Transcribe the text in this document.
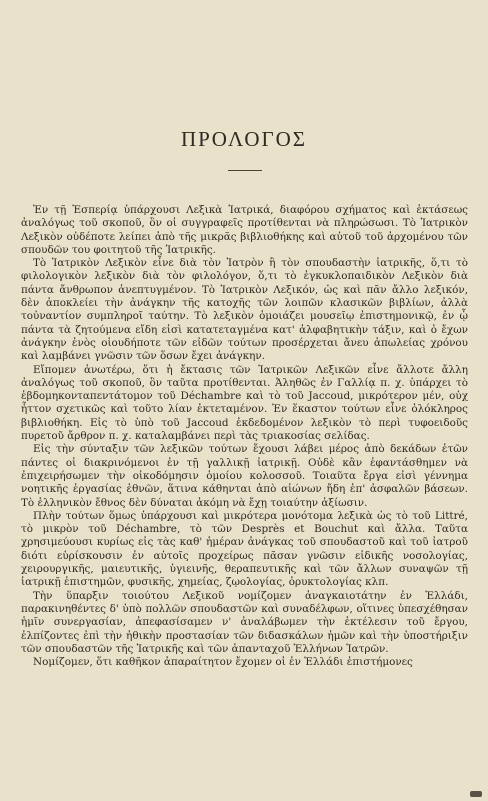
ΠΡΟΛΟΓΟΣ

Ἐν τῇ Ἑσπερίᾳ ὑπάρχουσι Λεξικὰ Ἰατρικά, διαφόρου σχήματος καὶ ἐκτάσεως ἀναλόγως τοῦ σκοποῦ, ὃν οἱ συγγραφεῖς προτίθενται νὰ πληρώσωσι. Τὸ Ἰατρικὸν Λεξικὸν οὐδέποτε λείπει ἀπὸ τῆς μικρᾶς βιβλιοθήκης καὶ αὐτοῦ τοῦ ἀρχομένου τῶν σπουδῶν του φοιτητοῦ τῆς Ἰατρικῆς.

Τὸ Ἰατρικὸν Λεξικὸν εἶνε διὰ τὸν Ἰατρὸν ἢ τὸν σπουδαστὴν ἰατρικῆς, ὅ,τι τὸ φιλολογικὸν λεξικὸν διὰ τὸν φιλολόγον, ὅ,τι τὸ ἐγκυκλοπαιδικὸν Λεξικὸν διὰ πάντα ἄνθρωπον ἀνεπτυγμένον. Τὸ Ἰατρικὸν Λεξικόν, ὡς καὶ πᾶν ἄλλο λεξικόν, δὲν ἀποκλείει τὴν ἀνάγκην τῆς κατοχῆς τῶν λοιπῶν κλασικῶν βιβλίων, ἀλλὰ τοὐναντίον συμπληροῖ ταύτην. Τὸ λεξικὸν ὁμοιάζει μουσεῖῳ ἐπιστημονικῷ, ἐν ᾧ πάντα τὰ ζητούμενα εἴδη εἰσὶ κατατεταγμένα κατ' ἀλφαβητικὴν τάξιν, καὶ ὁ ἔχων ἀνάγκην ἑνὸς οἱουδήποτε τῶν εἰδῶν τούτων προσέρχεται ἄνευ ἀπωλείας χρόνου καὶ λαμβάνει γνῶσιν τῶν ὅσων ἔχει ἀνάγκην.

Εἴπομεν ἀνωτέρω, ὅτι ἡ ἔκτασις τῶν Ἰατρικῶν Λεξικῶν εἶνε ἄλλοτε ἄλλη ἀναλόγως τοῦ σκοποῦ, ὃν ταῦτα προτίθενται. Ἀληθῶς ἐν Γαλλίᾳ π. χ. ὑπάρχει τὸ ἑβδομηκονταπεντάτομον τοῦ Déchambre καὶ τὸ τοῦ Jaccoud, μικρότερον μέν, οὐχ ἧττον σχετικῶς καὶ τοῦτο λίαν ἐκτεταμένον. Ἐν ἕκαστον τούτων εἶνε ὁλόκληρος βιβλιοθήκη. Εἰς τὸ ὑπὸ τοῦ Jaccoud ἐκδεδομένον λεξικὸν τὸ περὶ τυφοειδοῦς πυρετοῦ ἄρθρον π. χ. καταλαμβάνει περὶ τὰς τριακοσίας σελίδας.

Εἰς τὴν σύνταξιν τῶν λεξικῶν τούτων ἔχουσι λάβει μέρος ἀπὸ δεκάδων ἐτῶν πάντες οἱ διακρινόμενοι ἐν τῇ γαλλικῇ ἰατρικῇ. Οὐδὲ κἂν ἐφαντάσθημεν νὰ ἐπιχειρήσωμεν τὴν οἰκοδόμησιν ὁμοίου κολοσσοῦ. Τοιαῦτα ἔργα εἰσὶ γέννημα νοητικῆς ἐργασίας ἐθνῶν, ἅτινα κάθηνται ἀπὸ αἰώνων ἤδη ἐπ' ἀσφαλῶν βάσεων. Τὸ ἑλληνικὸν ἔθνος δὲν δύναται ἀκόμη νὰ ἔχῃ τοιαύτην ἀξίωσιν.

Πλὴν τούτων ὅμως ὑπάρχουσι καὶ μικρότερα μονότομα λεξικὰ ὡς τὸ τοῦ Littré, τὸ μικρὸν τοῦ Déchambre, τὸ τῶν Desprès et Bouchut καὶ ἄλλα. Ταῦτα χρησιμεύουσι κυρίως εἰς τὰς καθ' ἡμέραν ἀνάγκας τοῦ σπουδαστοῦ καὶ τοῦ ἰατροῦ διότι εὑρίσκουσιν ἐν αὐτοῖς προχείρως πᾶσαν γνῶσιν εἰδικῆς νοσολογίας, χειρουργικῆς, μαιευτικῆς, ὑγιεινῆς, θεραπευτικῆς καὶ τῶν ἄλλων συναψῶν τῇ ἰατρικῇ ἐπιστημῶν, φυσικῆς, χημείας, ζῳολογίας, ὀρυκτολογίας κλπ.

Τὴν ὕπαρξιν τοιούτου Λεξικοῦ νομίζομεν ἀναγκαιοτάτην ἐν Ἑλλάδι, παρακινηθέντες δ' ὑπὸ πολλῶν σπουδαστῶν καὶ συναδέλφων, οἵτινες ὑπεσχέθησαν ἡμῖν συνεργασίαν, ἀπεφασίσαμεν ν' ἀναλάβωμεν τὴν ἐκτέλεσιν τοῦ ἔργου, ἐλπίζοντες ἐπὶ τὴν ἠθικὴν προστασίαν τῶν διδασκάλων ἡμῶν καὶ τὴν ὑποστήριξιν τῶν σπουδαστῶν τῆς Ἰατρικῆς καὶ τῶν ἁπανταχοῦ Ἑλλήνων Ἰατρῶν.

Νομίζομεν, ὅτι καθῆκον ἀπαραίτητον ἔχομεν οἱ ἐν Ἑλλάδι ἐπιστήμονες
